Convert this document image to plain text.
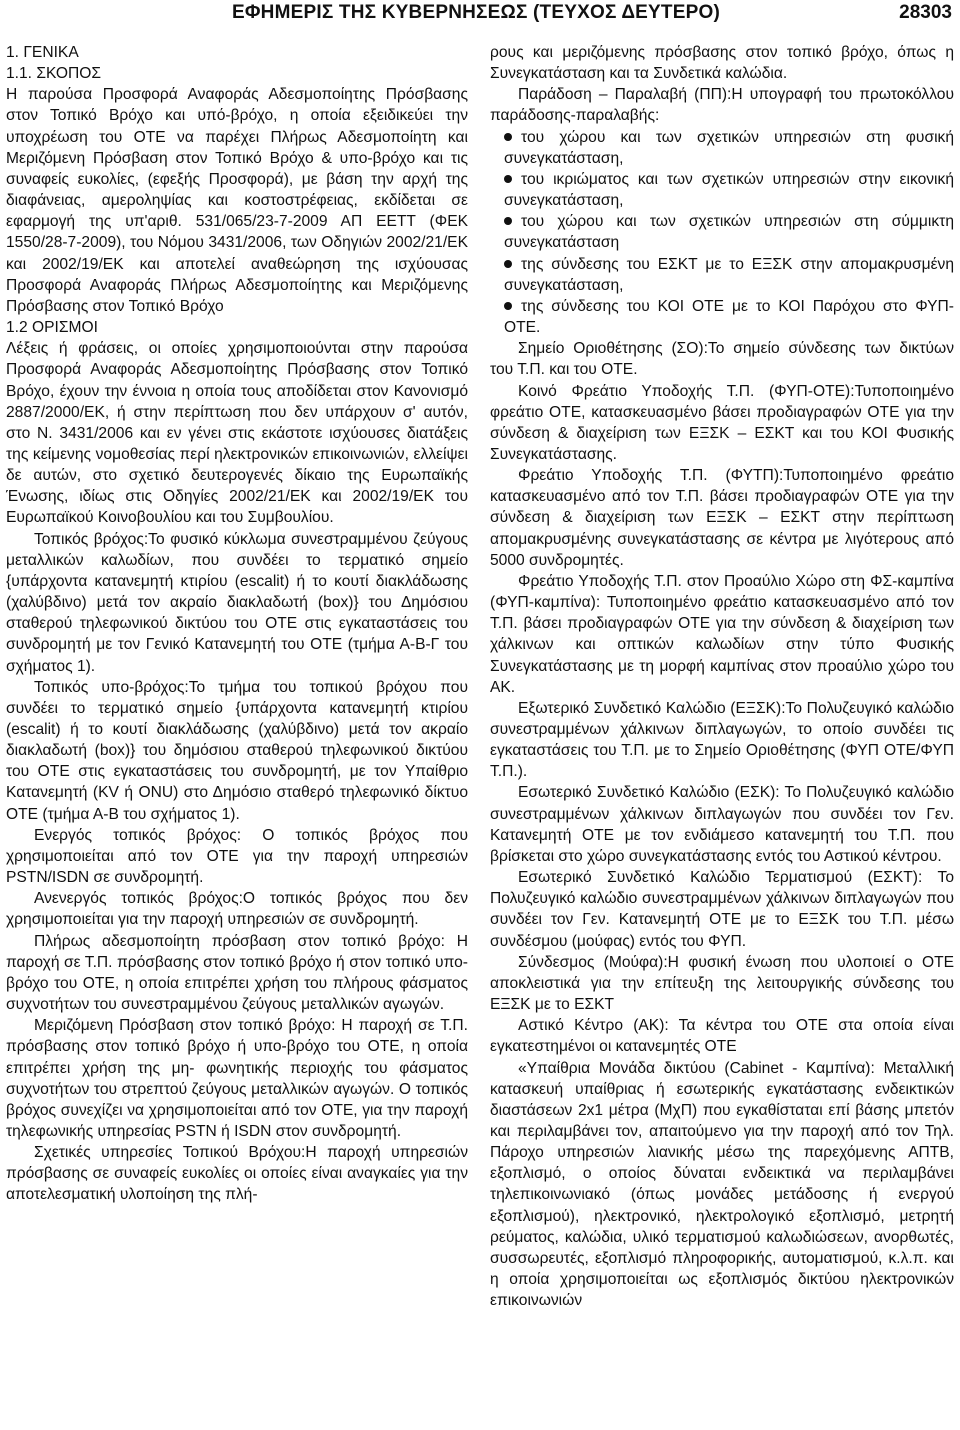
ΕΦΗΜΕΡΙΣ ΤΗΣ ΚΥΒΕΡΝΗΣΕΩΣ (ΤΕΥΧΟΣ ΔΕΥΤΕΡΟ)	28303

1. ΓΕΝΙΚΑ

1.1. ΣΚΟΠΟΣ

Η παρούσα Προσφορά Αναφοράς Αδεσμοποίητης Πρόσβασης στον Τοπικό Βρόχο και υπό-βρόχο, η οποία εξειδικεύει την υποχρέωση του ΟΤΕ να παρέχει Πλήρως Αδεσμοποίητη και Μεριζόμενη Πρόσβαση στον Τοπικό Βρόχο & υπο-βρόχο και τις συναφείς ευκολίες, (εφεξής Προσφορά), με βάση την αρχή της διαφάνειας, αμεροληψίας και κοστοστρέφειας, εκδίδεται σε εφαρμογή της υπ'αριθ. 531/065/23-7-2009 ΑΠ ΕΕΤΤ (ΦΕΚ 1550/28-7-2009), του Νόμου 3431/2006, των Οδηγιών 2002/21/ΕΚ και 2002/19/ΕΚ και αποτελεί αναθεώρηση της ισχύουσας Προσφορά Αναφοράς Πλήρως Αδεσμοποίητης και Μεριζόμενης Πρόσβασης στον Τοπικό Βρόχο

1.2 ΟΡΙΣΜΟΙ

Λέξεις ή φράσεις, οι οποίες χρησιμοποιούνται στην παρούσα Προσφορά Αναφοράς Αδεσμοποίητης Πρόσβασης στον Τοπικό Βρόχο, έχουν την έννοια η οποία τους αποδίδεται στον Κανονισμό 2887/2000/ΕΚ, ή στην περίπτωση που δεν υπάρχουν σ' αυτόν, στο Ν. 3431/2006 και εν γένει στις εκάστοτε ισχύουσες διατάξεις της κείμενης νομοθεσίας περί ηλεκτρονικών επικοινωνιών, ελλείψει δε αυτών, στο σχετικό δευτερογενές δίκαιο της Ευρωπαϊκής Ένωσης, ιδίως στις Οδηγίες 2002/21/ΕΚ και 2002/19/ΕΚ του Ευρωπαϊκού Κοινοβουλίου και του Συμβουλίου.

Τοπικός βρόχος:Το φυσικό κύκλωμα συνεστραμμένου ζεύγους μεταλλικών καλωδίων, που συνδέει το τερματικό σημείο {υπάρχοντα κατανεμητή κτιρίου (escalit) ή το κουτί διακλάδωσης (χαλύβδινο) μετά τον ακραίο διακλαδωτή (box)} του Δημόσιου σταθερού τηλεφωνικού δικτύου του ΟΤΕ στις εγκαταστάσεις του συνδρομητή με τον Γενικό Κατανεμητή του ΟΤΕ (τμήμα Α-Β-Γ του σχήματος 1).

Τοπικός υπο-βρόχος:Το τμήμα του τοπικού βρόχου που συνδέει το τερματικό σημείο {υπάρχοντα κατανεμητή κτιρίου (escalit) ή το κουτί διακλάδωσης (χαλύβδινο) μετά τον ακραίο διακλαδωτή (box)} του δημόσιου σταθερού τηλεφωνικού δικτύου του ΟΤΕ στις εγκαταστάσεις του συνδρομητή, με τον Υπαίθριο Κατανεμητή (KV ή ONU) στο Δημόσιο σταθερό τηλεφωνικό δίκτυο ΟΤΕ (τμήμα Α-Β του σχήματος 1).

Ενεργός τοπικός βρόχος: Ο τοπικός βρόχος που χρησιμοποιείται από τον ΟΤΕ για την παροχή υπηρεσιών PSTN/ISDN σε συνδρομητή.

Ανενεργός τοπικός βρόχος:Ο τοπικός βρόχος που δεν χρησιμοποιείται για την παροχή υπηρεσιών σε συνδρομητή.

Πλήρως αδεσμοποίητη πρόσβαση στον τοπικό βρόχο: Η παροχή σε Τ.Π. πρόσβασης στον τοπικό βρόχο ή στον τοπικό υπο-βρόχο του ΟΤΕ, η οποία επιτρέπει χρήση του πλήρους φάσματος συχνοτήτων του συνεστραμμένου ζεύγους μεταλλικών αγωγών.

Μεριζόμενη Πρόσβαση στον τοπικό βρόχο: Η παροχή σε Τ.Π. πρόσβασης στον τοπικό βρόχο ή υπο-βρόχο του ΟΤΕ, η οποία επιτρέπει χρήση της μη- φωνητικής περιοχής του φάσματος συχνοτήτων του στρεπτού ζεύγους μεταλλικών αγωγών. Ο τοπικός βρόχος συνεχίζει να χρησιμοποιείται από τον ΟΤΕ, για την παροχή τηλεφωνικής υπηρεσίας PSTN ή ISDN στον συνδρομητή.

Σχετικές υπηρεσίες Τοπικού Βρόχου:Η παροχή υπηρεσιών πρόσβασης σε συναφείς ευκολίες οι οποίες είναι αναγκαίες για την αποτελεσματική υλοποίηση της πλή-

ρους και μεριζόμενης πρόσβασης στον τοπικό βρόχο, όπως η Συνεγκατάσταση και τα Συνδετικά καλώδια.

Παράδοση – Παραλαβή (ΠΠ):Η υπογραφή του πρωτοκόλλου παράδοσης-παραλαβής:

του χώρου και των σχετικών υπηρεσιών στη φυσική συνεγκατάσταση,

του ικριώματος και των σχετικών υπηρεσιών στην εικονική συνεγκατάσταση,

του χώρου και των σχετικών υπηρεσιών στη σύμμικτη συνεγκατάσταση

της σύνδεσης του ΕΣΚΤ με το ΕΞΣΚ στην απομακρυσμένη συνεγκατάσταση,

της σύνδεσης του ΚΟΙ ΟΤΕ με το ΚΟΙ Παρόχου στο ΦΥΠ-ΟΤΕ.

Σημείο Οριοθέτησης (ΣΟ):Το σημείο σύνδεσης των δικτύων του Τ.Π. και του ΟΤΕ.

Κοινό Φρεάτιο Υποδοχής Τ.Π. (ΦΥΠ-ΟΤΕ):Τυποποιημένο φρεάτιο ΟΤΕ, κατασκευασμένο βάσει προδιαγραφών ΟΤΕ για την σύνδεση & διαχείριση των ΕΞΣΚ – ΕΣΚΤ και του ΚΟΙ Φυσικής Συνεγκατάστασης.

Φρεάτιο Υποδοχής Τ.Π. (ΦΥΤΠ):Τυποποιημένο φρεάτιο κατασκευασμένο από τον Τ.Π. βάσει προδιαγραφών ΟΤΕ για την σύνδεση & διαχείριση των ΕΞΣΚ – ΕΣΚΤ στην περίπτωση απομακρυσμένης συνεγκατάστασης σε κέντρα με λιγότερους από 5000 συνδρομητές.

Φρεάτιο Υποδοχής Τ.Π. στον Προαύλιο Χώρο στη ΦΣ-καμπίνα (ΦΥΠ-καμπίνα): Τυποποιημένο φρεάτιο κατασκευασμένο από τον Τ.Π. βάσει προδιαγραφών ΟΤΕ για την σύνδεση & διαχείριση των χάλκινων και οπτικών καλωδίων στην τύπο Φυσικής Συνεγκατάστασης με τη μορφή καμπίνας στον προαύλιο χώρο του ΑΚ.

Εξωτερικό Συνδετικό Καλώδιο (ΕΞΣΚ):Το Πολυζευγικό καλώδιο συνεστραμμένων χάλκινων διπλαγωγών, το οποίο συνδέει τις εγκαταστάσεις του Τ.Π. με το Σημείο Οριοθέτησης (ΦΥΠ ΟΤΕ/ΦΥΠ Τ.Π.).

Εσωτερικό Συνδετικό Καλώδιο (ΕΣΚ): Το Πολυζευγικό καλώδιο συνεστραμμένων χάλκινων διπλαγωγών που συνδέει τον Γεν. Κατανεμητή ΟΤΕ με τον ενδιάμεσο κατανεμητή του Τ.Π. που βρίσκεται στο χώρο συνεγκατάστασης εντός του Αστικού κέντρου.

Εσωτερικό Συνδετικό Καλώδιο Τερματισμού (ΕΣΚΤ): Το Πολυζευγικό καλώδιο συνεστραμμένων χάλκινων διπλαγωγών που συνδέει τον Γεν. Κατανεμητή ΟΤΕ με το ΕΞΣΚ του Τ.Π. μέσω συνδέσμου (μούφας) εντός του ΦΥΠ.

Σύνδεσμος (Μούφα):Η φυσική ένωση που υλοποιεί ο ΟΤΕ αποκλειστικά για την επίτευξη της λειτουργικής σύνδεσης του ΕΞΣΚ με το ΕΣΚΤ

Αστικό Κέντρο (ΑΚ): Τα κέντρα του ΟΤΕ στα οποία είναι εγκατεστημένοι οι κατανεμητές ΟΤΕ

«Υπαίθρια Μονάδα δικτύου (Cabinet - Καμπίνα): Μεταλλική κατασκευή υπαίθριας ή εσωτερικής εγκατάστασης ενδεικτικών διαστάσεων 2x1 μέτρα (ΜχΠ) που εγκαθίσταται επί βάσης μπετόν και περιλαμβάνει τον, απαιτούμενο για την παροχή από τον Τηλ. Πάροχο υπηρεσιών λιανικής μέσω της παρεχόμενης ΑΠΤΒ, εξοπλισμό, ο οποίος δύναται ενδεικτικά να περιλαμβάνει τηλεπικοινωνιακό (όπως μονάδες μετάδοσης ή ενεργού εξοπλισμού), ηλεκτρονικό, ηλεκτρολογικό εξοπλισμό, μετρητή ρεύματος, καλώδια, υλικό τερματισμού καλωδιώσεων, ανορθωτές, συσσωρευτές, εξοπλισμό πληροφορικής, αυτοματισμού, κ.λ.π. και η οποία χρησιμοποιείται ως εξοπλισμός δικτύου ηλεκτρονικών επικοινωνιών
